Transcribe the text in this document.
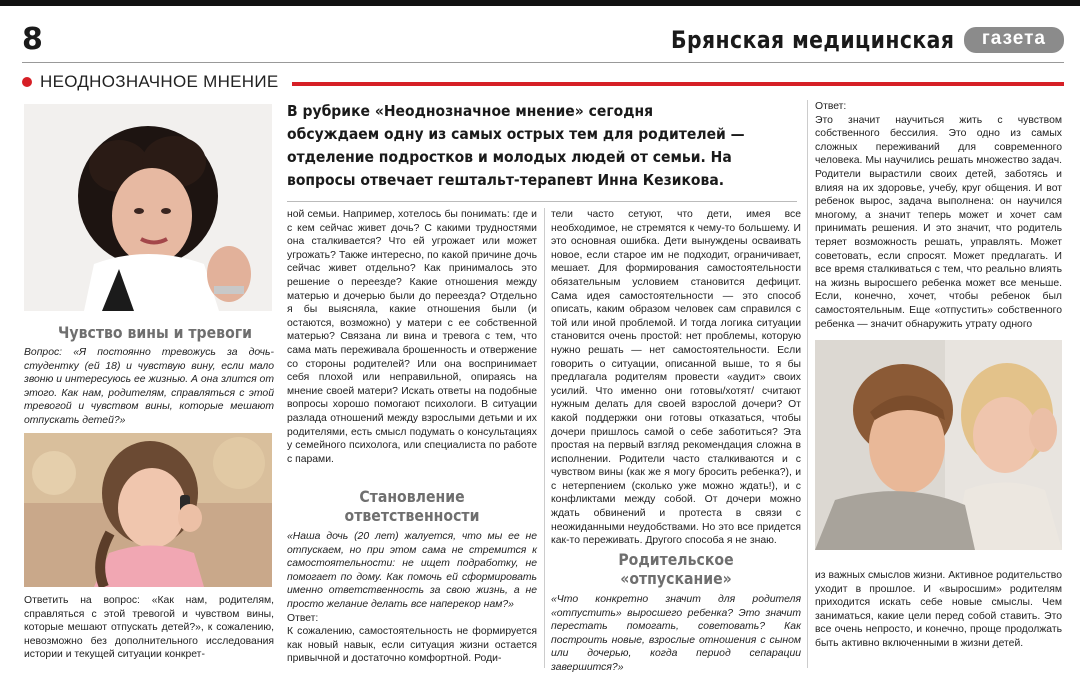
8	Брянская медицинская	газета
НЕОДНОЗНАЧНОЕ МНЕНИЕ
Чувство вины и тревоги

Вопрос: «Я постоянно тревожусь за дочь-студентку (ей 18) и чувствую вину, если мало звоню и интересуюсь ее жизнью. А она злится от этого. Как нам, родителям, справляться с этой тревогой и чувством вины, которые мешают отпускать детей?»

Ответить на вопрос: «Как нам, родителям, справляться с этой тревогой и чувством вины, которые мешают отпускать детей?», к сожалению, невозможно без дополнительного исследования истории и текущей ситуации конкрет-

В рубрике «Неоднозначное мнение» сегодня обсуждаем одну из самых острых тем для родителей — отделение подростков и молодых людей от семьи. На вопросы отвечает гештальт-терапевт Инна Кезикова.

ной семьи. Например, хотелось бы понимать: где и с кем сейчас живет дочь? С какими трудностями она сталкивается? Что ей угрожает или может угрожать? Также интересно, по какой причине дочь сейчас живет отдельно? Как принималось это решение о переезде? Какие отношения между матерью и дочерью были до переезда? Отдельно я бы выясняла, какие отношения были (и остаются, возможно) у матери с ее собственной матерью? Связана ли вина и тревога с тем, что сама мать переживала брошенность и отвержение со стороны родителей? Или она воспринимает себя плохой или неправильной, опираясь на мнение своей матери? Искать ответы на подобные вопросы хорошо помогают психологи. В ситуации разлада отношений между взрослыми детьми и их родителями, есть смысл подумать о консультациях у семейного психолога, или специалиста по работе с парами.

Становление ответственности

«Наша дочь (20 лет) жалуется, что мы ее не отпускаем, но при этом сама не стремится к самостоятельности: не ищет подработку, не помогает по дому. Как помочь ей сформировать именно ответственность за свою жизнь, а не просто желание делать все наперекор нам?»

Ответ:

К сожалению, самостоятельность не формируется как новый навык, если ситуация жизни остается привычной и достаточно комфортной. Роди-

тели часто сетуют, что дети, имея все необходимое, не стремятся к чему-то большему. И это основная ошибка. Дети вынуждены осваивать новое, если старое им не подходит, ограничивает, мешает. Для формирования самостоятельности обязательным условием становится дефицит. Сама идея самостоятельности — это способ описать, каким образом человек сам справился с той или иной проблемой. И тогда логика ситуации становится очень простой: нет проблемы, которую нужно решать — нет самостоятельности. Если говорить о ситуации, описанной выше, то я бы предлагала родителям провести «аудит» своих усилий. Что именно они готовы/хотят/ считают нужным делать для своей взрослой дочери? От какой поддержки они готовы отказаться, чтобы дочери пришлось самой о себе заботиться? Эта простая на первый взгляд рекомендация сложна в исполнении. Родители часто сталкиваются и с чувством вины (как же я могу бросить ребенка?), и с нетерпением (сколько уже можно ждать!), и с конфликтами между собой. От дочери можно ждать обвинений и протеста в связи с неожиданными неудобствами. Но это все придется как-то переживать. Другого способа я не знаю.

Родительское «отпускание»

«Что конкретно значит для родителя «отпустить» выросшего ребенка? Это значит перестать помогать, советовать? Как построить новые, взрослые отношения с сыном или дочерью, когда период сепарации завершится?»

Ответ:

Это значит научиться жить с чувством собственного бессилия. Это одно из самых сложных переживаний для современного человека. Мы научились решать множество задач. Родители вырастили своих детей, заботясь и влияя на их здоровье, учебу, круг общения. И вот ребенок вырос, задача выполнена: он научился многому, а значит теперь может и хочет сам принимать решения. И это значит, что родитель теряет возможность решать, управлять. Может советовать, если спросят. Может предлагать. И все время сталкиваться с тем, что реально влиять на жизнь выросшего ребенка может все меньше. Если, конечно, хочет, чтобы ребенок был самостоятельным. Еще «отпустить» собственного ребенка — значит обнаружить утрату одного

из важных смыслов жизни. Активное родительство уходит в прошлое. И «выросшим» родителям приходится искать себе новые смыслы. Чем заниматься, какие цели перед собой ставить. Это все очень непросто, и конечно, проще продолжать быть активно включенными в жизни детей.
